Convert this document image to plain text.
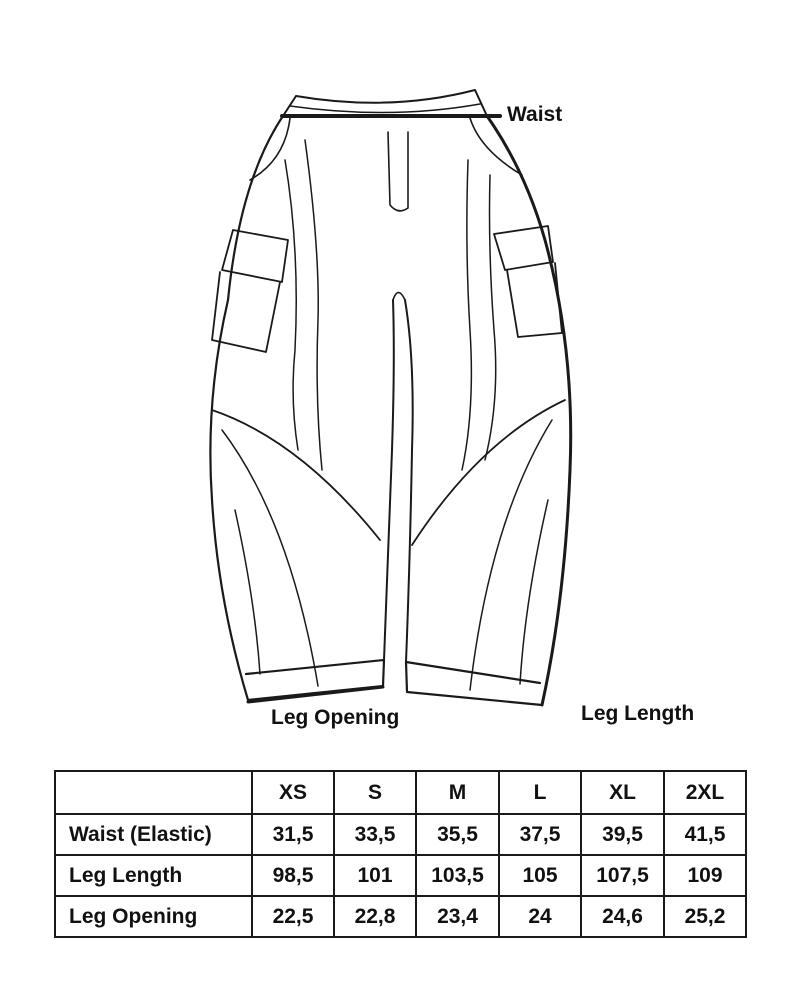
Waist
Leg Opening	Leg Length
	XS	S	M	L	XL	2XL
Waist (Elastic)	31,5	33,5	35,5	37,5	39,5	41,5
Leg Length	98,5	101	103,5	105	107,5	109
Leg Opening	22,5	22,8	23,4	24	24,6	25,2
